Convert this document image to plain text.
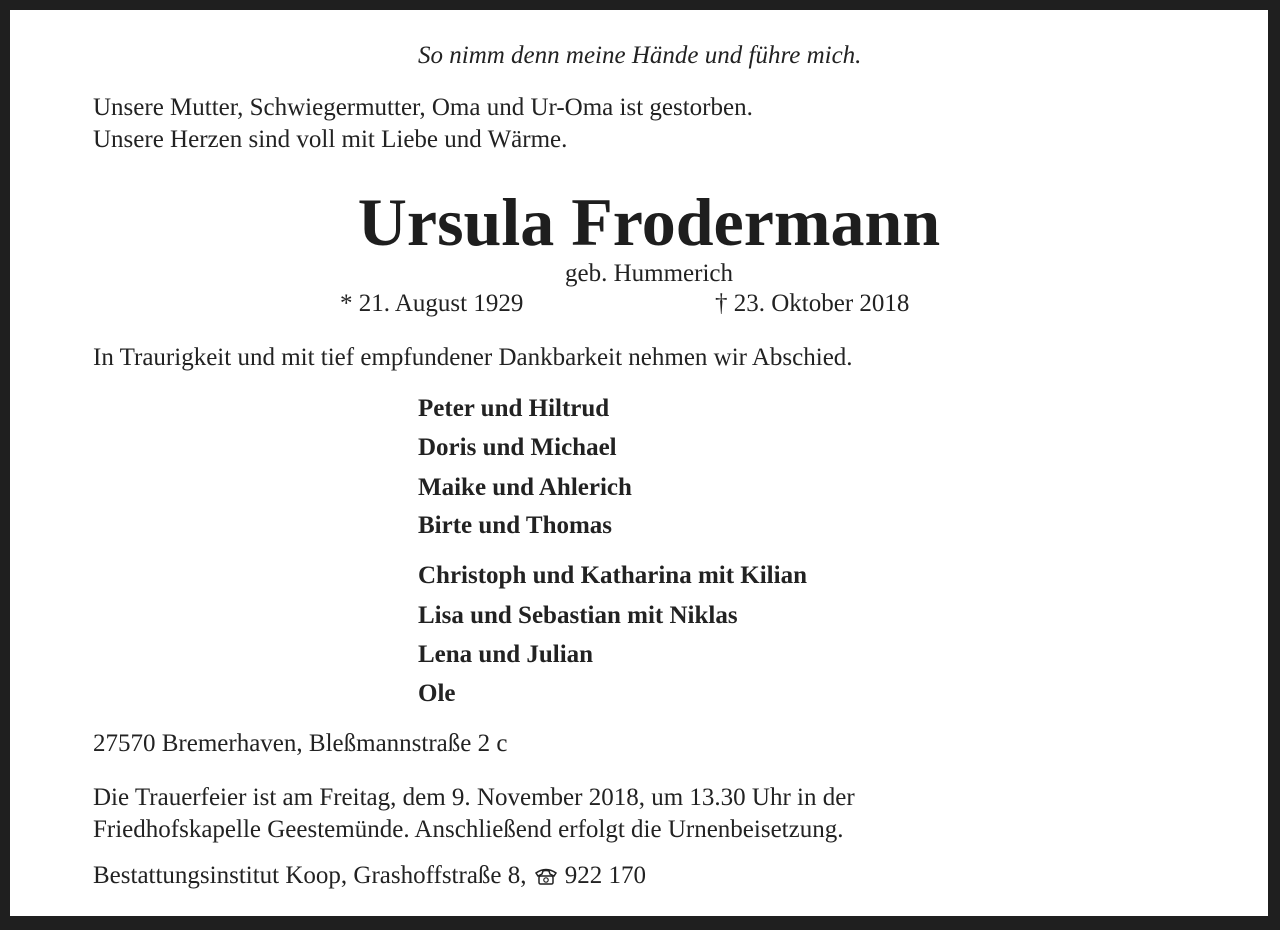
So nimm denn meine Hände und führe mich.
Unsere Mutter, Schwiegermutter, Oma und Ur-Oma ist gestorben.
Unsere Herzen sind voll mit Liebe und Wärme.
Ursula Frodermann
geb. Hummerich
* 21. August 1929	† 23. Oktober 2018
In Traurigkeit und mit tief empfundener Dankbarkeit nehmen wir Abschied.
Peter und Hiltrud
Doris und Michael
Maike und Ahlerich
Birte und Thomas
Christoph und Katharina mit Kilian
Lisa und Sebastian mit Niklas
Lena und Julian
Ole
27570 Bremerhaven, Bleßmannstraße 2 c
Die Trauerfeier ist am Freitag, dem 9. November 2018, um 13.30 Uhr in der
Friedhofskapelle Geestemünde. Anschließend erfolgt die Urnenbeisetzung.
Bestattungsinstitut Koop, Grashoffstraße 8, 922 170
